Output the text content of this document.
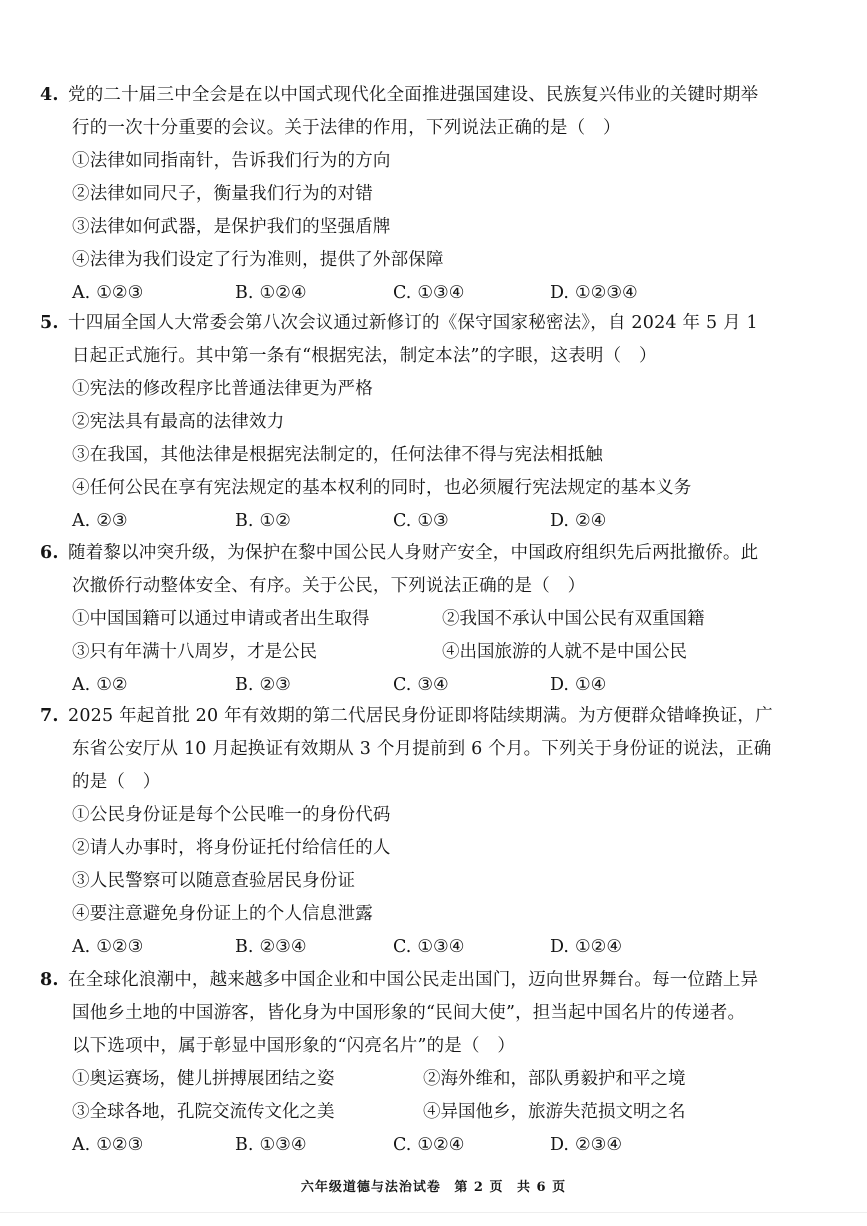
4. 党的二十届三中全会是在以中国式现代化全面推进强国建设、民族复兴伟业的关键时期举
行的一次十分重要的会议。关于法律的作用，下列说法正确的是（　）
①法律如同指南针，告诉我们行为的方向
②法律如同尺子，衡量我们行为的对错
③法律如何武器，是保护我们的坚强盾牌
④法律为我们设定了行为准则，提供了外部保障
A. ①②③	B. ①②④	C. ①③④	D. ①②③④
5. 十四届全国人大常委会第八次会议通过新修订的《保守国家秘密法》，自 2024 年 5 月 1
日起正式施行。其中第一条有“根据宪法，制定本法”的字眼，这表明（　）
①宪法的修改程序比普通法律更为严格
②宪法具有最高的法律效力
③在我国，其他法律是根据宪法制定的，任何法律不得与宪法相抵触
④任何公民在享有宪法规定的基本权利的同时，也必须履行宪法规定的基本义务
A. ②③	B. ①②	C. ①③	D. ②④
6. 随着黎以冲突升级，为保护在黎中国公民人身财产安全，中国政府组织先后两批撤侨。此
次撤侨行动整体安全、有序。关于公民，下列说法正确的是（　）
①中国国籍可以通过申请或者出生取得	②我国不承认中国公民有双重国籍
③只有年满十八周岁，才是公民	④出国旅游的人就不是中国公民
A. ①②	B. ②③	C. ③④	D. ①④
7. 2025 年起首批 20 年有效期的第二代居民身份证即将陆续期满。为方便群众错峰换证，广
东省公安厅从 10 月起换证有效期从 3 个月提前到 6 个月。下列关于身份证的说法，正确
的是（　）
①公民身份证是每个公民唯一的身份代码
②请人办事时，将身份证托付给信任的人
③人民警察可以随意查验居民身份证
④要注意避免身份证上的个人信息泄露
A. ①②③	B. ②③④	C. ①③④	D. ①②④
8. 在全球化浪潮中，越来越多中国企业和中国公民走出国门，迈向世界舞台。每一位踏上异
国他乡土地的中国游客，皆化身为中国形象的“民间大使”，担当起中国名片的传递者。
以下选项中，属于彰显中国形象的“闪亮名片”的是（　）
①奥运赛场，健儿拼搏展团结之姿	②海外维和，部队勇毅护和平之境
③全球各地，孔院交流传文化之美	④异国他乡，旅游失范损文明之名
A. ①②③	B. ①③④	C. ①②④	D. ②③④
六年级道德与法治试卷 第 2 页 共 6 页
